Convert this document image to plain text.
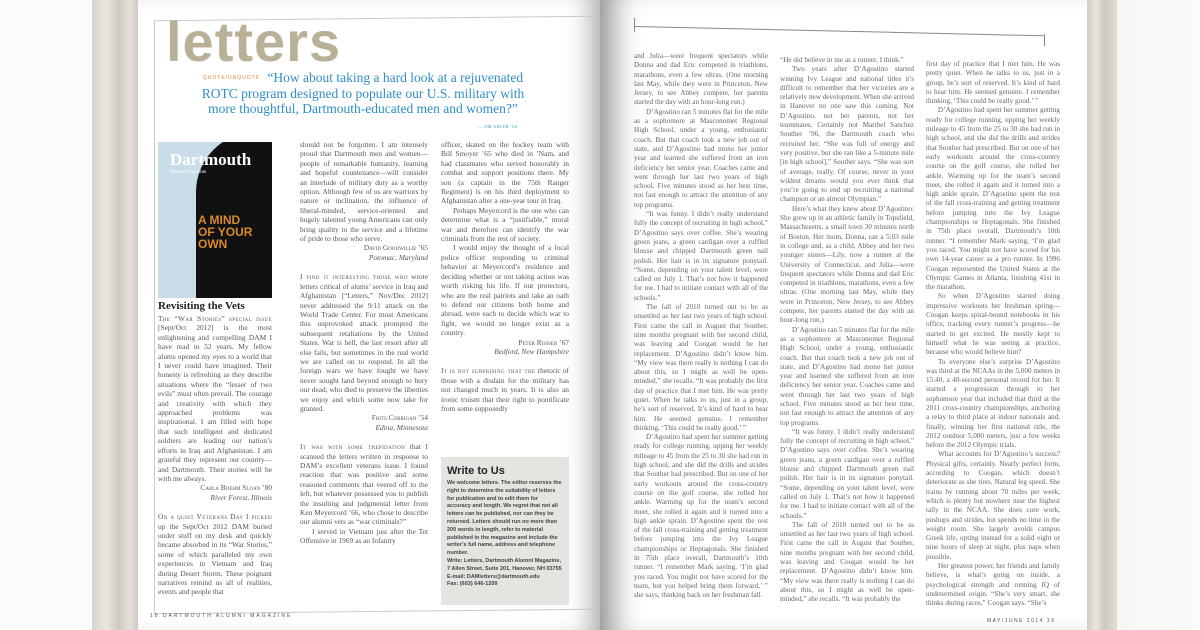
letters
QUOTE/UNQUOTE “How about taking a hard look at a rejuvenated ROTC program designed to populate our U.S. military with more thoughtful, Dartmouth-educated men and women?”
— JIM ADLER ’64
Dartmouth
Alumni Magazine
A MIND OF YOUR OWN
Revisiting the Vets

The “War Stories” special issue [Sept/Oct 2012] is the most enlightening and compelling DAM I have read in 52 years. My fellow alums opened my eyes to a world that I never could have imagined. Their honesty is refreshing as they describe situations where the “lesser of two evils” must often prevail. The courage and creativity with which they approached problems was inspirational. I am filled with hope that such intelligent and dedicated soldiers are leading our nation’s efforts in Iraq and Afghanistan. I am grateful they represent our country—and Dartmouth. Their stories will be with me always.

Carla Boehm Sloan ’80

River Forest, Illinois

On a quiet Veterans Day I picked up the Sept/Oct 2012 DAM buried under stuff on my desk and quickly became absorbed in its “War Stories,” some of which paralleled my own experiences in Vietnam and Iraq during Desert Storm. These poignant narratives remind us all of realities, events and people that

should not be forgotten. I am intensely proud that Dartmouth men and women—people of remarkable humanity, learning and hopeful countenance—will consider an interlude of military duty as a worthy option. Although few of us are warriors by nature or inclination, the influence of liberal-minded, service-oriented and hugely talented young Americans can only bring quality to the service and a lifetime of pride to those who serve.

David Goodwillie ’65

Potomac, Maryland

I find it interesting those who wrote letters critical of alums’ service in Iraq and Afghanistan [“Letters,” Nov/Dec 2012] never addressed the 9/11 attack on the World Trade Center. For most Americans this unprovoked attack prompted the subsequent retaliations by the United States. War is hell, the last resort after all else fails, but sometimes in the real world we are called on to respond. In all the foreign wars we have fought we have never sought land beyond enough to bury our dead, who died to preserve the liberties we enjoy and which some now take for granted.

Frits Corrigan ’54

Edina, Minnesota

It was with some trepidation that I scanned the letters written in response to DAM’s excellent veterans issue. I found reaction that was positive and some reasoned comments that veered off to the left, but whatever possessed you to publish the insulting and judgmental letter from Ken Meyercord ’66, who chose to describe our alumni vets as “war criminals?”

I served in Vietnam just after the Tet Offensive in 1969 as an Infantry

officer, skated on the hockey team with Bill Smoyer ’65 who died in ’Nam, and had classmates who served honorably in combat and support positions there. My son (a captain in the 75th Ranger Regiment) is on his third deployment to Afghanistan after a one-year tour in Iraq.

Perhaps Meyercord is the one who can determine what is a “justifiable,” moral war and therefore can identify the war criminals from the rest of society.

I would enjoy the thought of a local police officer responding to criminal behavior at Meyercord’s residence and deciding whether or not taking action was worth risking his life. If our protectors, who are the real patriots and take an oath to defend our citizens both home and abroad, were each to decide which war to fight, we would no longer exist as a country.

Peter Rosser ’67

Bedford, New Hampshire

It is not surprising that the rhetoric of those with a disdain for the military has not changed much in years. It is also an ironic truism that their right to pontificate from some supposedly

Write to Us
We welcome letters. The editor reserves the right to determine the suitability of letters for publication and to edit them for accuracy and length. We regret that not all letters can be published, nor can they be returned. Letters should run no more than 200 words in length, refer to material published in the magazine and include the writer’s full name, address and telephone number.
Write: Letters, Dartmouth Alumni Magazine, 7 Allen Street, Suite 201, Hanover, NH 03755
E-mail: DAMletters@dartmouth.edu
Fax: (603) 646-1209
18 DARTMOUTH ALUMNI MAGAZINE

and Julia—were frequent spectators while Donna and dad Eric competed in triathlons, marathons, even a few ultras. (One morning last May, while they were in Princeton, New Jersey, to see Abbey compete, her parents started the day with an hour-long run.)

D’Agostino ran 5 minutes flat for the mile as a sophomore at Masconomet Regional High School, under a young, enthusiastic coach. But that coach took a new job out of state, and D’Agostino had mono her junior year and learned she suffered from an iron deficiency her senior year. Coaches came and went through her last two years of high school. Five minutes stood as her best time, not fast enough to attract the attention of any top programs.

“It was funny. I didn’t really understand fully the concept of recruiting in high school,” D’Agostino says over coffee. She’s wearing green jeans, a green cardigan over a ruffled blouse and chipped Dartmouth green nail polish. Her hair is in its signature ponytail. “Some, depending on your talent level, were called on July 1. That’s not how it happened for me. I had to initiate contact with all of the schools.”

The fall of 2010 turned out to be as unsettled as her last two years of high school. First came the call in August that Souther, nine months pregnant with her second child, was leaving and Coogan would be her replacement. D’Agostino didn’t know him. “My view was there really is nothing I can do about this, so I might as well be open-minded,” she recalls. “It was probably the first day of practice that I met him. He was pretty quiet. When he talks to us, just in a group, he’s sort of reserved. It’s kind of hard to hear him. He seemed genuine. I remember thinking, ‘This could be really good.’ ”

D’Agostino had spent her summer getting ready for college running, upping her weekly mileage to 45 from the 25 to 30 she had run in high school, and she did the drills and strides that Souther had prescribed. But on one of her early workouts around the cross-country course on the golf course, she rolled her ankle. Warming up for the team’s second meet, she rolled it again and it turned into a high ankle sprain. D’Agostino spent the rest of the fall cross-training and getting treatment before jumping into the Ivy League championships or Heptagonals. She finished in 75th place overall, Dartmouth’s 10th runner. “I remember Mark saying, ‘I’m glad you raced. You might not have scored for the team, but you helped bring them forward,’ ” she says, thinking back on her freshman fall.

“He did believe in me as a runner, I think.”

Two years after D’Agostino started winning Ivy League and national titles it’s difficult to remember that her victories are a relatively new development. When she arrived in Hanover no one saw this coming. Not D’Agostino, not her parents, not her teammates. Certainly not Maribel Sanchez Souther ’96, the Dartmouth coach who recruited her. “She was full of energy and very positive, but she ran like a 5-minute mile [in high school],” Souther says. “She was sort of average, really. Of course, never in your wildest dreams would you ever think that you’re going to end up recruiting a national champion or an almost Olympian.”

Here’s what they knew about D’Agostino: She grew up in an athletic family in Topsfield, Massachusetts, a small town 30 minutes north of Boston. Her mom, Donna, ran a 5:03 mile in college and, as a child, Abbey and her two younger sisters—Lily, now a runner at the University of Connecticut, and Julia—were frequent spectators while Donna and dad Eric competed in triathlons, marathons, even a few ultras. (One morning last May, while they were in Princeton, New Jersey, to see Abbey compete, her parents started the day with an hour-long run.)

D’Agostino ran 5 minutes flat for the mile as a sophomore at Masconomet Regional High School, under a young, enthusiastic coach. But that coach took a new job out of state, and D’Agostino had mono her junior year and learned she suffered from an iron deficiency her senior year. Coaches came and went through her last two years of high school. Five minutes stood as her best time, not fast enough to attract the attention of any top programs.

“It was funny. I didn’t really understand fully the concept of recruiting in high school,” D’Agostino says over coffee. She’s wearing green jeans, a green cardigan over a ruffled blouse and chipped Dartmouth green nail polish. Her hair is in its signature ponytail. “Some, depending on your talent level, were called on July 1. That’s not how it happened for me. I had to initiate contact with all of the schools.”

The fall of 2010 turned out to be as unsettled as her last two years of high school. First came the call in August that Souther, nine months pregnant with her second child, was leaving and Coogan would be her replacement. D’Agostino didn’t know him. “My view was there really is nothing I can do about this, so I might as well be open-minded,” she recalls. “It was probably the

first day of practice that I met him. He was pretty quiet. When he talks to us, just in a group, he’s sort of reserved. It’s kind of hard to hear him. He seemed genuine. I remember thinking, ‘This could be really good.’ ”

D’Agostino had spent her summer getting ready for college running, upping her weekly mileage to 45 from the 25 to 30 she had run in high school, and she did the drills and strides that Souther had prescribed. But on one of her early workouts around the cross-country course on the golf course, she rolled her ankle. Warming up for the team’s second meet, she rolled it again and it turned into a high ankle sprain. D’Agostino spent the rest of the fall cross-training and getting treatment before jumping into the Ivy League championships or Heptagonals. She finished in 75th place overall, Dartmouth’s 10th runner. “I remember Mark saying, ‘I’m glad you raced. You might not have scored for his own 14-year career as a pro runner. In 1996 Coogan represented the United States at the Olympic Games in Atlanta, finishing 41st in the marathon.

So when D’Agostino started doing impressive workouts her freshman spring—Coogan keeps spiral-bound notebooks in his office, tracking every runner’s progress—he started to get excited. He mostly kept to himself what he was seeing at practice, because who would believe him?

To everyone else’s surprise D’Agostino was third at the NCAAs in the 5,000 meters in 15:40, a 40-second personal record for her. It started a progression through to her sophomore year that included that third at the 2011 cross-country championships, anchoring a relay to third place at indoor nationals and, finally, winning her first national title, the 2012 outdoor 5,000 meters, just a few weeks before the 2012 Olympic trials.

What accounts for D’Agostino’s success? Physical gifts, certainly. Nearly perfect form, according to Coogan, which doesn’t deteriorate as she tires. Natural leg speed. She trains by running about 70 miles per week, which is plenty but nowhere near the highest tally in the NCAA. She does core work, pushups and strides, but spends no time in the weight room. She largely avoids campus Greek life, opting instead for a solid eight or nine hours of sleep at night, plus naps when possible.

Her greatest power, her friends and family believe, is what’s going on inside, a psychological strength and running IQ of undetermined origin. “She’s very smart, she thinks during races,” Coogan says. “She’s

MAY/JUNE 2014 19
